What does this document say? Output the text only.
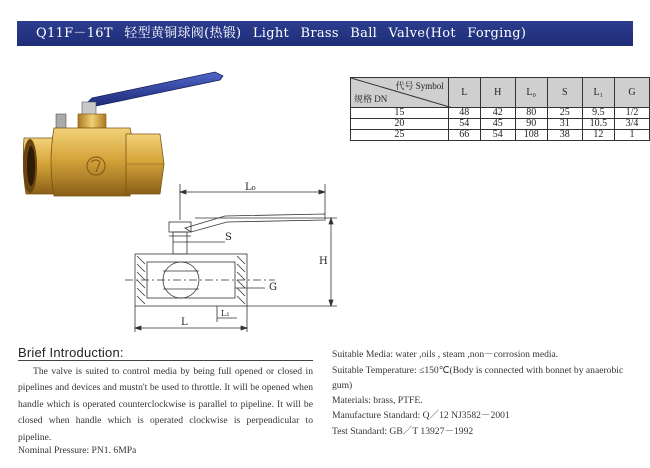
Q11F－16T 轻型黄铜球阀(热锻) Light Brass Ball Valve(Hot Forging)
代号 Symbol
规格 DN	L	H	L₀	S	L₁	G
15	48	42	80	25	9.5	1/2
20	54	45	90	31	10.5	3/4
25	66	54	108	38	12	1
L₀
S
H
G
L
L₁
Brief Introduction:
The valve is suited to control media by being full opened or closed in pipelines and devices and mustn't be used to throttle. It will be opened when handle which is operated counterclockwise is parallel to pipeline. It will be closed when handle which is operated clockwise is perpendicular to pipeline.
Nominal Pressure: PN1. 6MPa
Suitable Media: water ,oils , steam ,non－corrosion media.
Suitable Temperature: ≤150℃(Body is connected with bonnet by anaerobic gum)
Materials: brass, PTFE.
Manufacture Standard: Q／12 NJ3582－2001
Test Standard: GB／T 13927－1992
